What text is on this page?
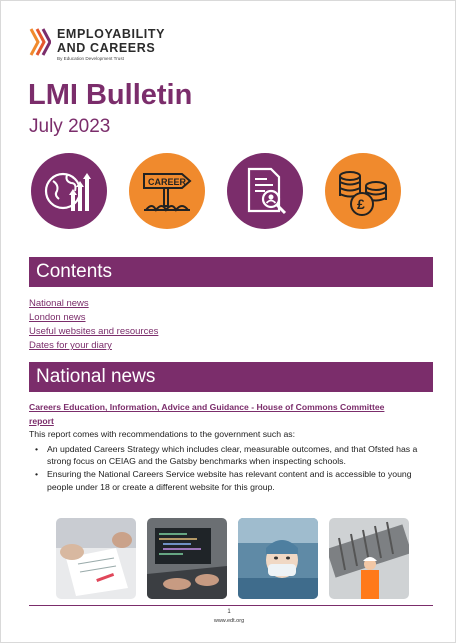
EMPLOYABILITY
AND CAREERS
By Education Development Trust
LMI Bulletin
July 2023
CAREER
£
Contents
National news
London news
Useful websites and resources
Dates for your diary
National news
Careers Education, Information, Advice and Guidance - House of Commons Committee report
This report comes with recommendations to the government such as:
• An updated Careers Strategy which includes clear, measurable outcomes, and that Ofsted has a strong focus on CEIAG and the Gatsby benchmarks when inspecting schools.
• Ensuring the National Careers Service website has relevant content and is accessible to young people under 18 or create a different website for this group.
1
www.edt.org
